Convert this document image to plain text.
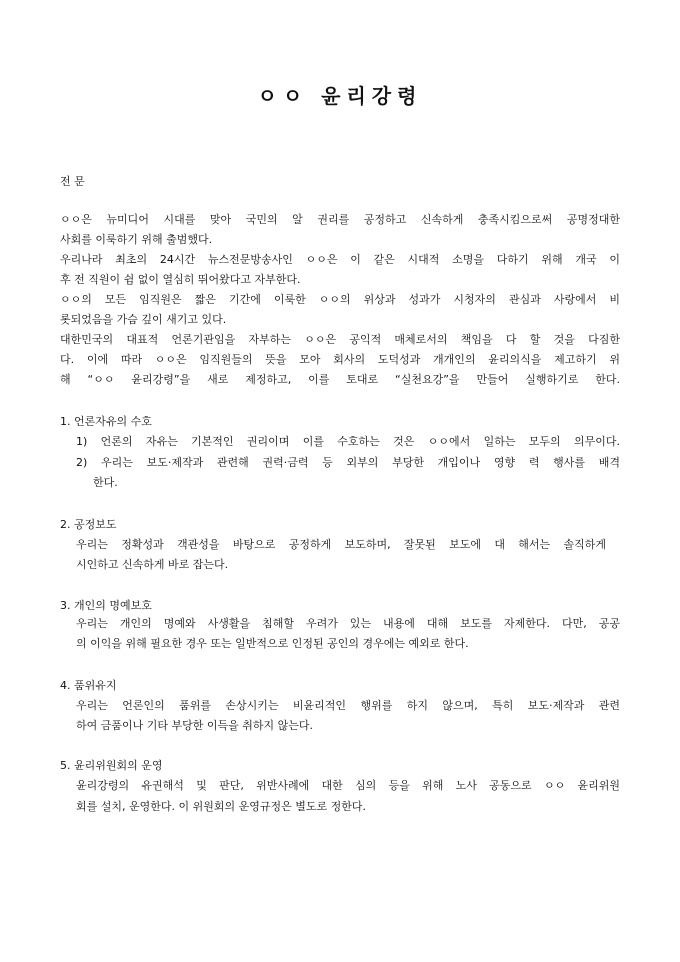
ㅇㅇ 윤리강령
전 문
ㅇㅇ은 뉴미디어 시대를 맞아 국민의 알 권리를 공정하고 신속하게 충족시킴으로써 공명정대한
사회를 이룩하기 위해 출범했다.
우리나라 최초의 24시간 뉴스전문방송사인 ㅇㅇ은 이 같은 시대적 소명을 다하기 위해 개국 이
후 전 직원이 쉼 없이 열심히 뛰어왔다고 자부한다.
ㅇㅇ의 모든 임직원은 짧은 기간에 이룩한 ㅇㅇ의 위상과 성과가 시청자의 관심과 사랑에서 비
롯되었음을 가슴 깊이 새기고 있다.
대한민국의 대표적 언론기관임을 자부하는 ㅇㅇ은 공익적 매체로서의 책임을 다 할 것을 다짐한
다. 이에 따라 ㅇㅇ은 임직원들의 뜻을 모아 회사의 도덕성과 개개인의 윤리의식을 제고하기 위
해 “ㅇㅇ 윤리강령”을 새로 제정하고, 이를 토대로 “실천요강”을 만들어 실행하기로 한다.
1. 언론자유의 수호
1) 언론의 자유는 기본적인 권리이며 이를 수호하는 것은 ㅇㅇ에서 일하는 모두의 의무이다.
2) 우리는 보도·제작과 관련해 권력·금력 등 외부의 부당한 개입이나 영향 력 행사를 배격
한다.
2. 공정보도
우리는 정확성과 객관성을 바탕으로 공정하게 보도하며, 잘못된 보도에 대 해서는 솔직하게
시인하고 신속하게 바로 잡는다.
3. 개인의 명예보호
우리는 개인의 명예와 사생활을 침해할 우려가 있는 내용에 대해 보도를 자제한다. 다만, 공공
의 이익을 위해 필요한 경우 또는 일반적으로 인정된 공인의 경우에는 예외로 한다.
4. 품위유지
우리는 언론인의 품위를 손상시키는 비윤리적인 행위를 하지 않으며, 특히 보도·제작과 관련
하여 금품이나 기타 부당한 이득을 취하지 않는다.
5. 윤리위원회의 운영
윤리강령의 유권해석 및 판단, 위반사례에 대한 심의 등을 위해 노사 공동으로 ㅇㅇ 윤리위원
회를 설치, 운영한다. 이 위원회의 운영규정은 별도로 정한다.
